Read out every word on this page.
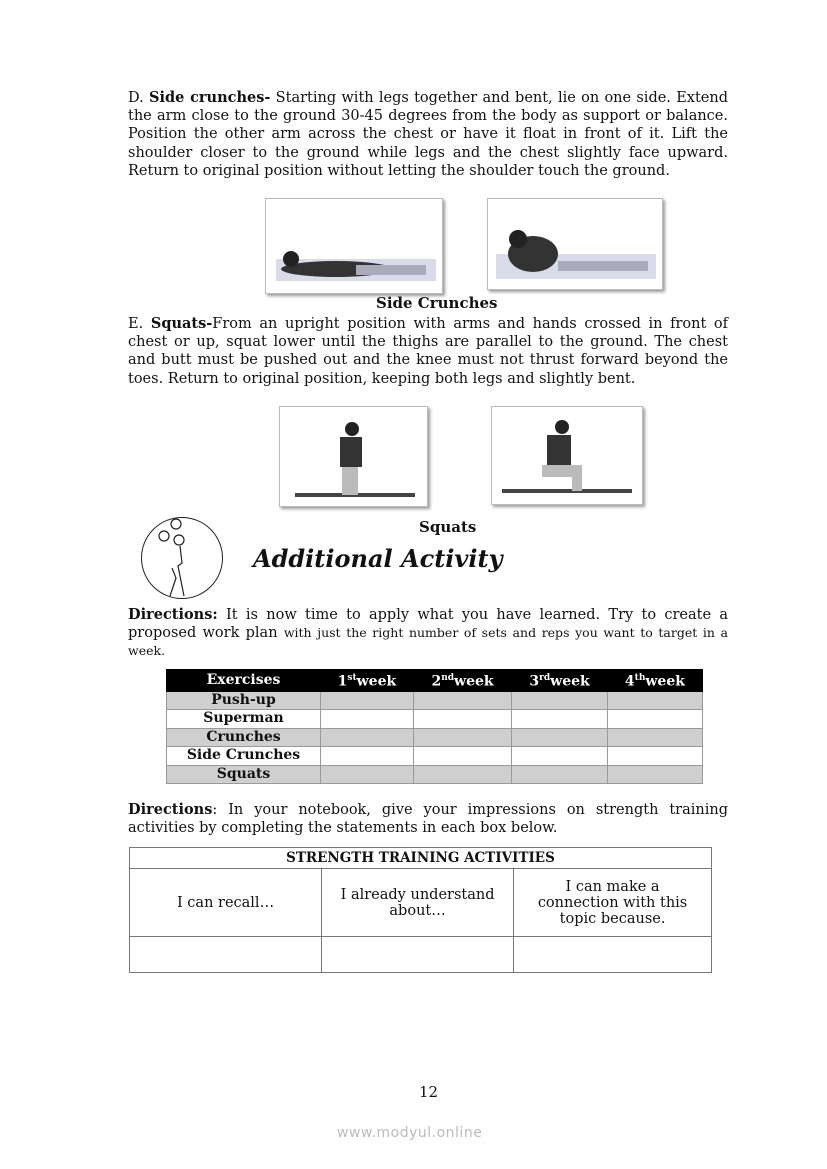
D. Side crunches- Starting with legs together and bent, lie on one side. Extend the arm close to the ground 30-45 degrees from the body as support or balance. Position the other arm across the chest or have it float in front of it. Lift the shoulder closer to the ground while legs and the chest slightly face upward. Return to original position without letting the shoulder touch the ground.

Side Crunches

E. Squats-From an upright position with arms and hands crossed in front of chest or up, squat lower until the thighs are parallel to the ground. The chest and butt must be pushed out and the knee must not thrust forward beyond the toes. Return to original position, keeping both legs and slightly bent.

Squats
Additional Activity

Directions: It is now time to apply what you have learned. Try to create a proposed work plan with just the right number of sets and reps you want to target in a week.

Exercises	1stweek	2ndweek	3rdweek	4thweek
Push-up				
Superman				
Crunches				
Side Crunches				
Squats				

Directions: In your notebook, give your impressions on strength training activities by completing the statements in each box below.

STRENGTH TRAINING ACTIVITIES		
I can recall…	I already understand about…	I can make a connection with this topic because.

12
www.modyul.online
